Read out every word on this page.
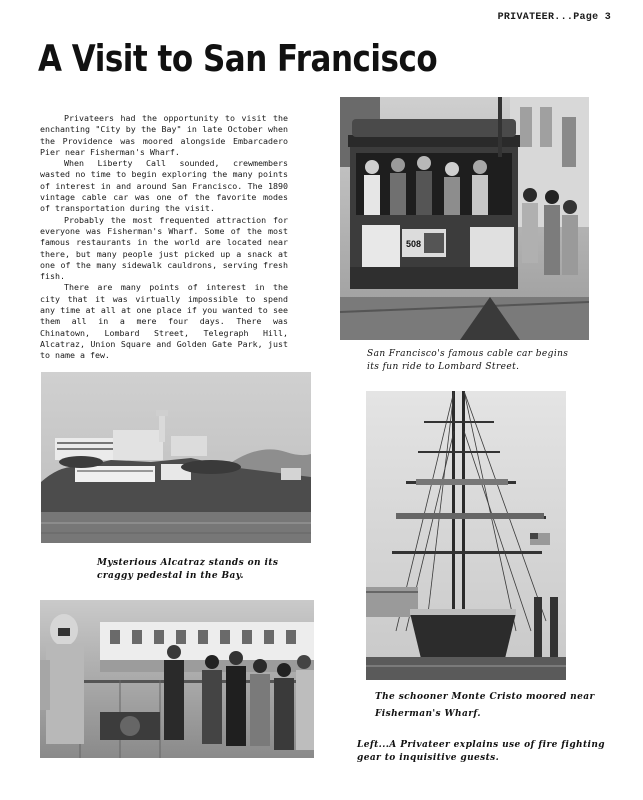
PRIVATEER...Page 3
A Visit to San Francisco

Privateers had the opportunity to visit the enchanting "City by the Bay" in late October when the Providence was moored alongside Embarcadero Pier near Fisherman's Wharf.

When Liberty Call sounded, crewmembers wasted no time to begin exploring the many points of interest in and around San Francisco. The 1890 vintage cable car was one of the favorite modes of transportation during the visit.

Probably the most frequented attraction for everyone was Fisherman's Wharf. Some of the most famous restaurants in the world are located near there, but many people just picked up a snack at one of the many sidewalk cauldrons, serving fresh fish.

There are many points of interest in the city that it was virtually impossible to spend any time at all at one place if you wanted to see them all in a mere four days. There was Chinatown, Lombard Street, Telegraph Hill, Alcatraz, Union Square and Golden Gate Park, just to name a few.

508
San Francisco's famous cable car begins
its fun ride to Lombard Street.
Mysterious Alcatraz stands on its
craggy pedestal in the Bay.
The schooner Monte Cristo moored near
Fisherman's Wharf.
Left...A Privateer explains use of fire fighting
gear to inquisitive guests.
